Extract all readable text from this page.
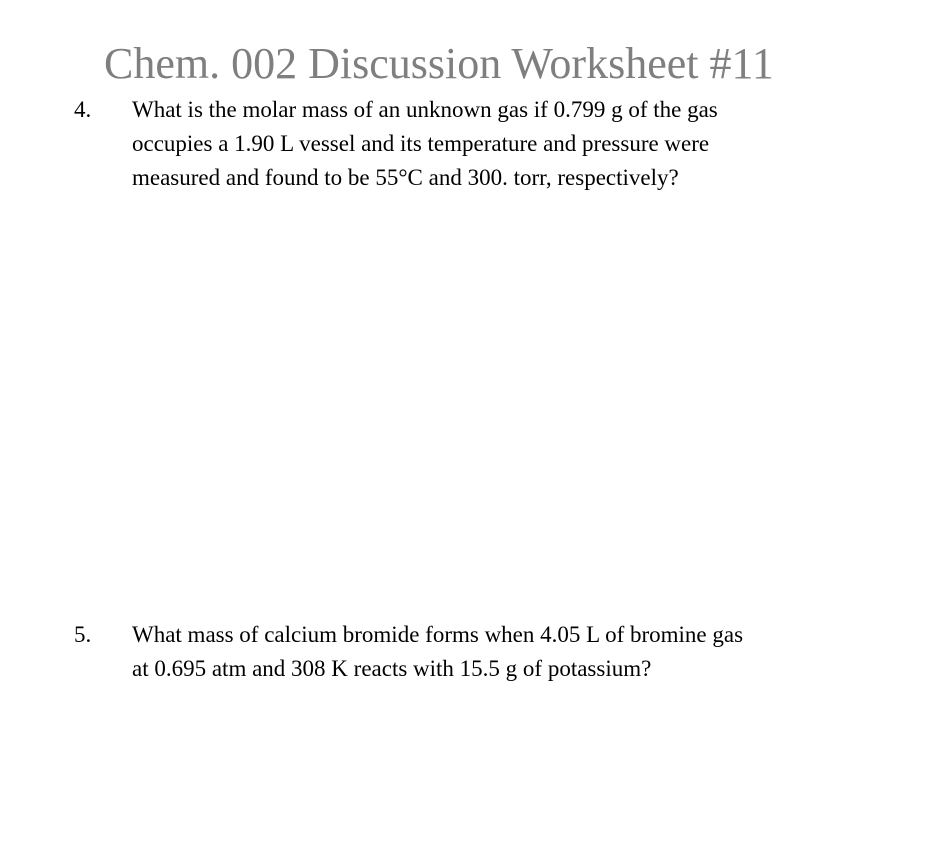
Chem. 002 Discussion Worksheet #11
4. What is the molar mass of an unknown gas if 0.799 g of the gas
occupies a 1.90 L vessel and its temperature and pressure were
measured and found to be 55°C and 300. torr, respectively?
5. What mass of calcium bromide forms when 4.05 L of bromine gas
at 0.695 atm and 308 K reacts with 15.5 g of potassium?
